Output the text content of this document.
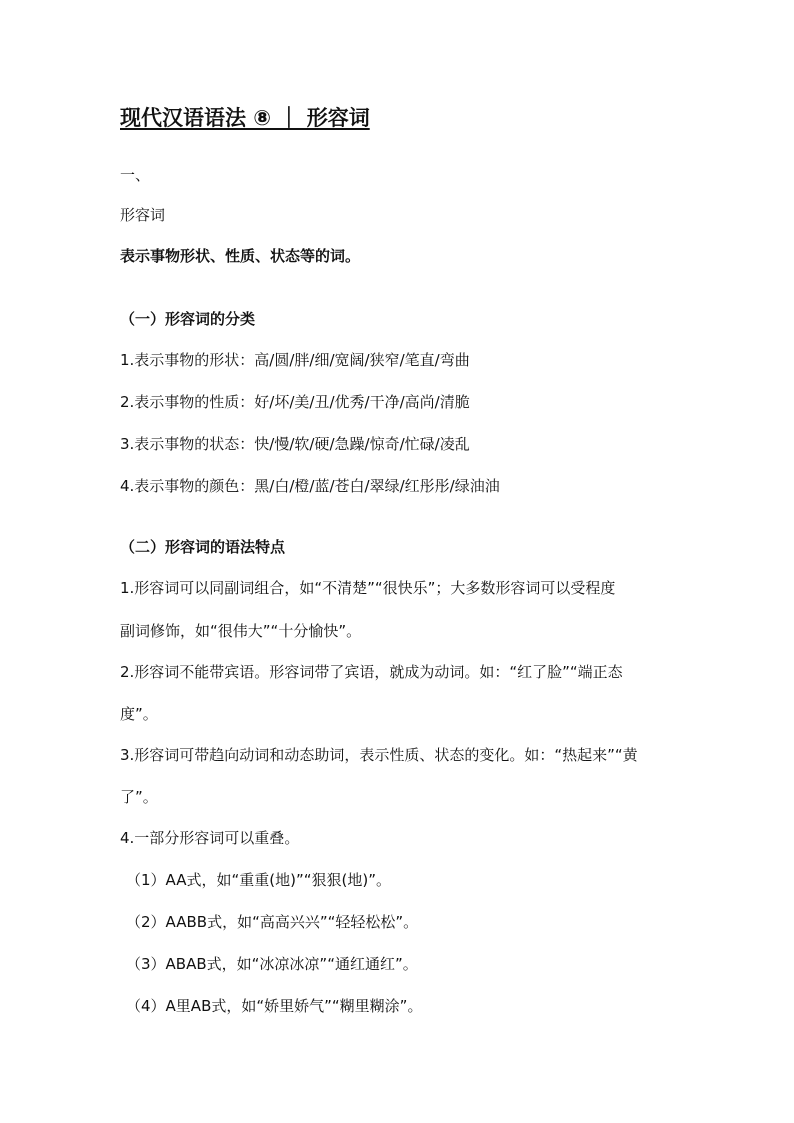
现代汉语语法 ⑧ ｜ 形容词
一、
形容词
表示事物形状、性质、状态等的词。
（一）形容词的分类
1.表示事物的形状：高/圆/胖/细/宽阔/狭窄/笔直/弯曲
2.表示事物的性质：好/坏/美/丑/优秀/干净/高尚/清脆
3.表示事物的状态：快/慢/软/硬/急躁/惊奇/忙碌/凌乱
4.表示事物的颜色：黑/白/橙/蓝/苍白/翠绿/红彤彤/绿油油
（二）形容词的语法特点
1.形容词可以同副词组合，如“不清楚”“很快乐”；大多数形容词可以受程度
副词修饰，如“很伟大”“十分愉快”。
2.形容词不能带宾语。形容词带了宾语，就成为动词。如：“红了脸”“端正态
度”。
3.形容词可带趋向动词和动态助词，表示性质、状态的变化。如：“热起来”“黄
了”。
4.一部分形容词可以重叠。
（1）AA式，如“重重(地)”“狠狠(地)”。
（2）AABB式，如“高高兴兴”“轻轻松松”。
（3）ABAB式，如“冰凉冰凉”“通红通红”。
（4）A里AB式，如“娇里娇气”“糊里糊涂”。
